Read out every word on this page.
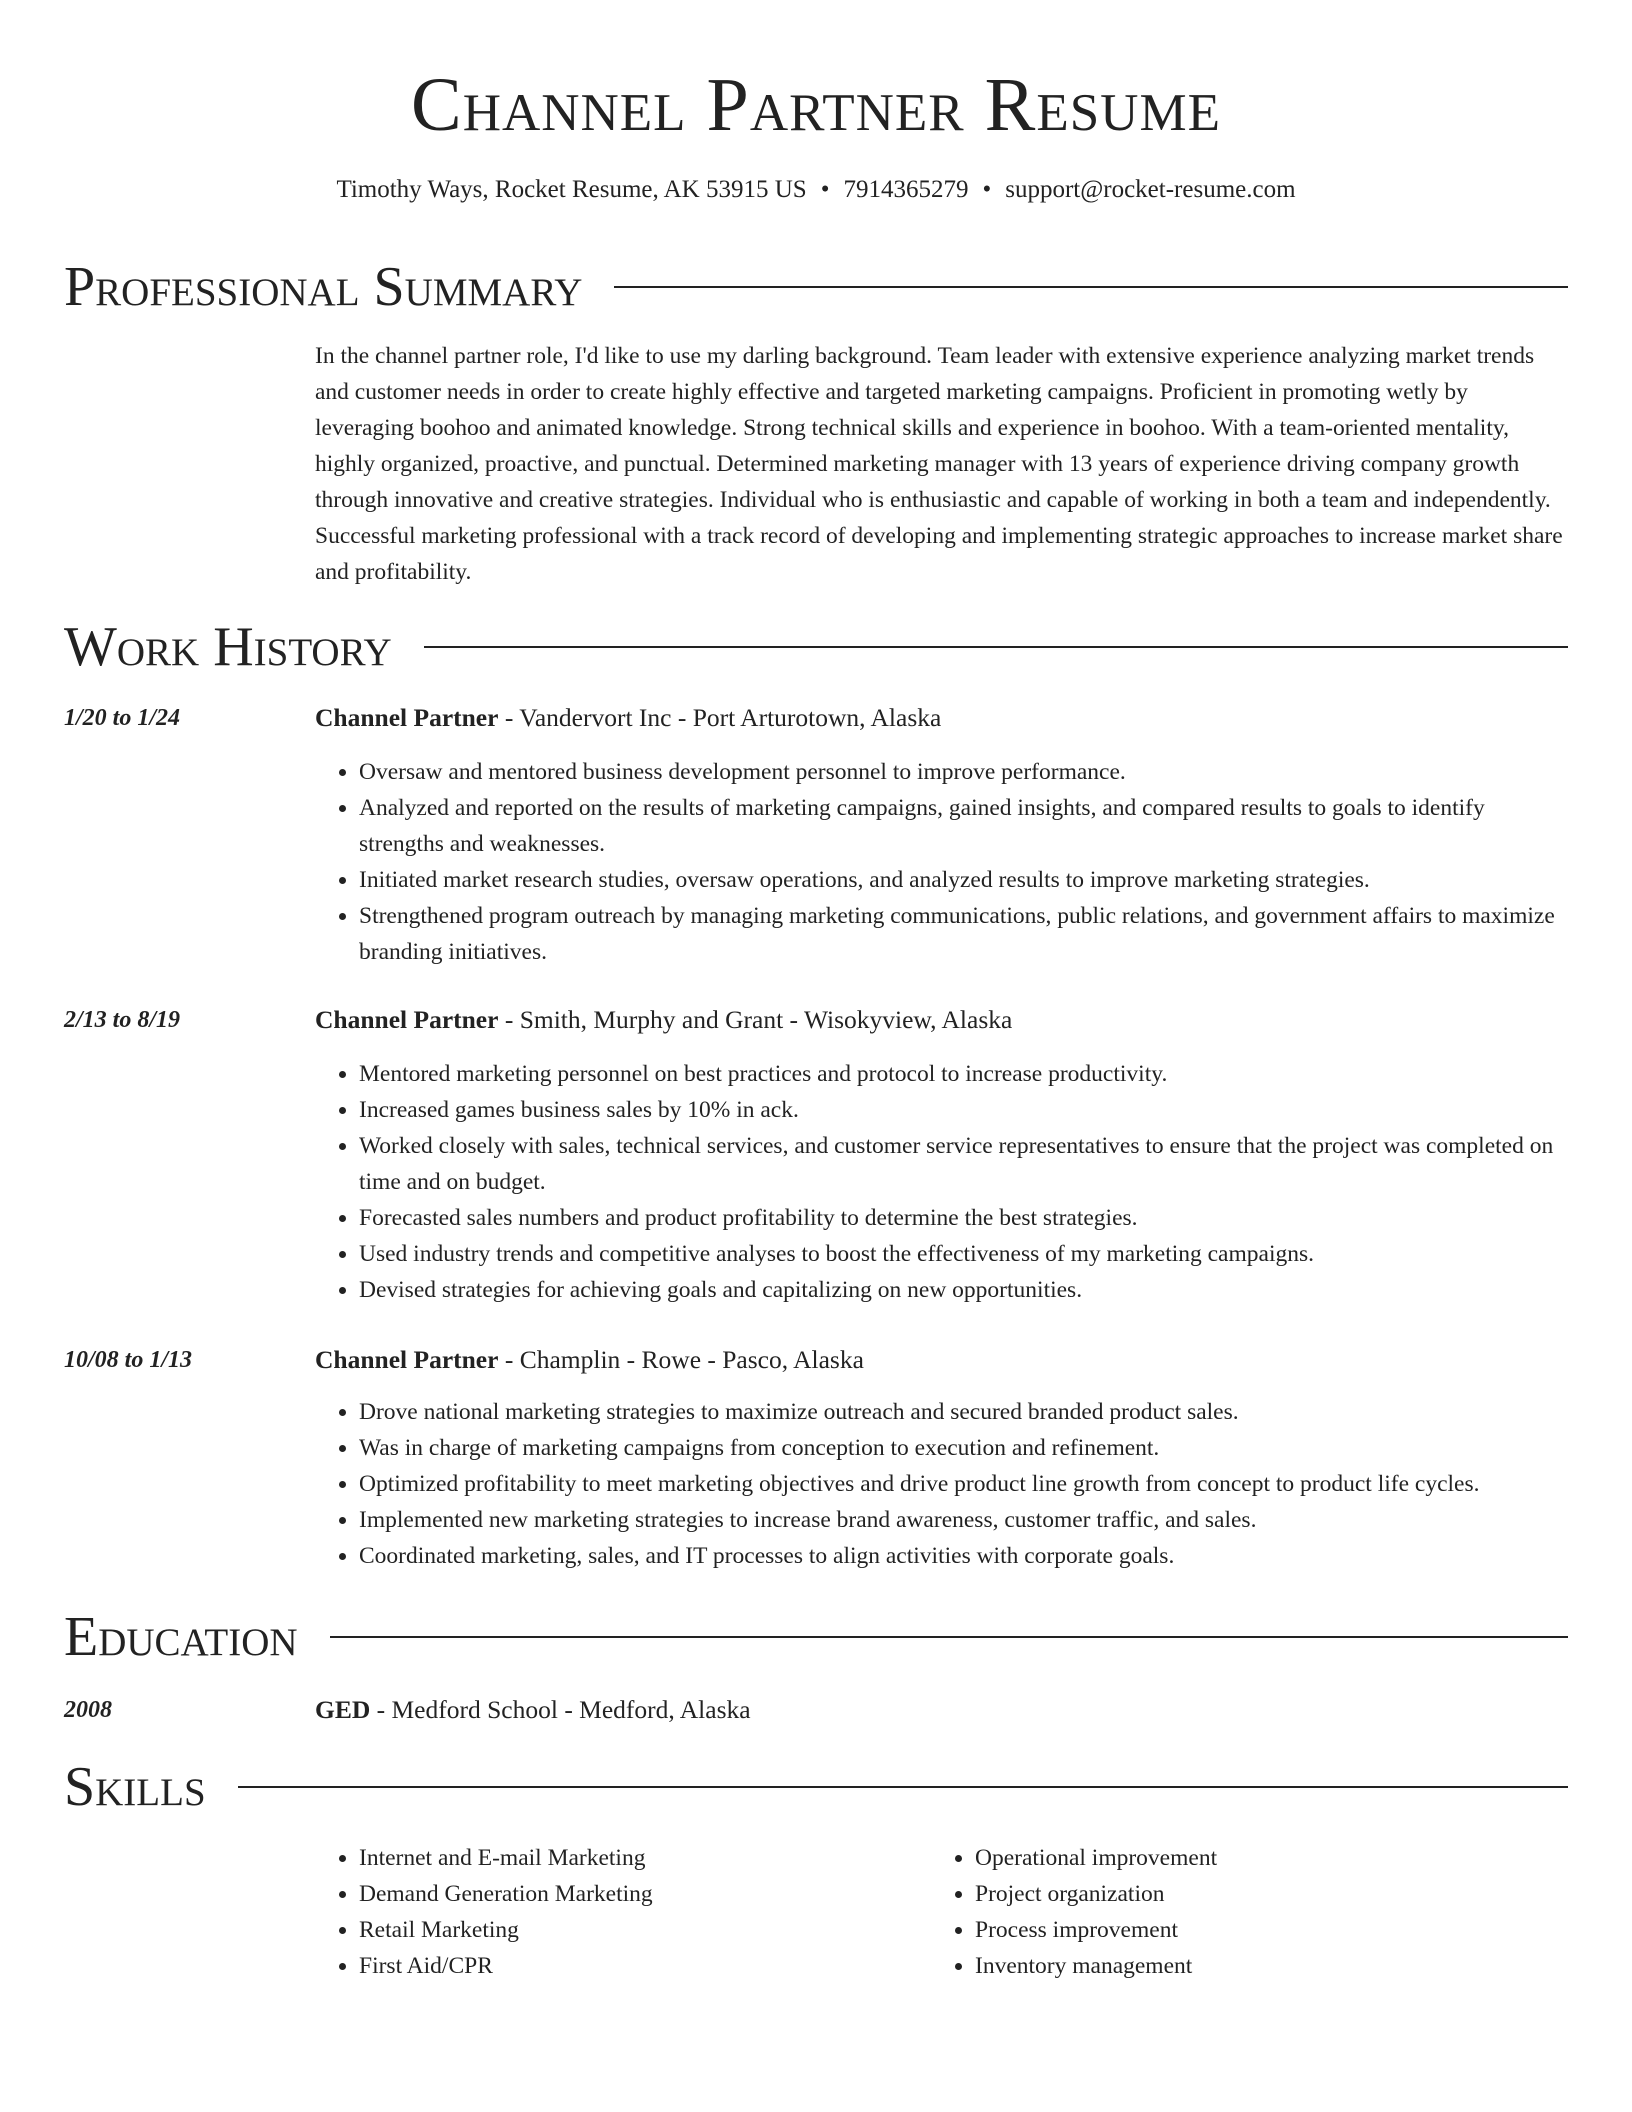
Channel Partner Resume
Timothy Ways, Rocket Resume, AK 53915 US • 7914365279 • support@rocket-resume.com
Professional Summary

In the channel partner role, I'd like to use my darling background. Team leader with extensive experience analyzing market trends and customer needs in order to create highly effective and targeted marketing campaigns. Proficient in promoting wetly by leveraging boohoo and animated knowledge. Strong technical skills and experience in boohoo. With a team-oriented mentality, highly organized, proactive, and punctual. Determined marketing manager with 13 years of experience driving company growth through innovative and creative strategies. Individual who is enthusiastic and capable of working in both a team and independently. Successful marketing professional with a track record of developing and implementing strategic approaches to increase market share and profitability.

Work History
1/20 to 1/24	Channel Partner - Vandervort Inc - Port Arturotown, Alaska
• Oversaw and mentored business development personnel to improve performance.
• Analyzed and reported on the results of marketing campaigns, gained insights, and compared results to goals to identify strengths and weaknesses.
• Initiated market research studies, oversaw operations, and analyzed results to improve marketing strategies.
• Strengthened program outreach by managing marketing communications, public relations, and government affairs to maximize branding initiatives.
2/13 to 8/19	Channel Partner - Smith, Murphy and Grant - Wisokyview, Alaska
• Mentored marketing personnel on best practices and protocol to increase productivity.
• Increased games business sales by 10% in ack.
• Worked closely with sales, technical services, and customer service representatives to ensure that the project was completed on time and on budget.
• Forecasted sales numbers and product profitability to determine the best strategies.
• Used industry trends and competitive analyses to boost the effectiveness of my marketing campaigns.
• Devised strategies for achieving goals and capitalizing on new opportunities.
10/08 to 1/13	Channel Partner - Champlin - Rowe - Pasco, Alaska
• Drove national marketing strategies to maximize outreach and secured branded product sales.
• Was in charge of marketing campaigns from conception to execution and refinement.
• Optimized profitability to meet marketing objectives and drive product line growth from concept to product life cycles.
• Implemented new marketing strategies to increase brand awareness, customer traffic, and sales.
• Coordinated marketing, sales, and IT processes to align activities with corporate goals.
Education
2008	GED - Medford School - Medford, Alaska
Skills
• Internet and E-mail Marketing
• Demand Generation Marketing
• Retail Marketing
• First Aid/CPR
• Operational improvement
• Project organization
• Process improvement
• Inventory management
